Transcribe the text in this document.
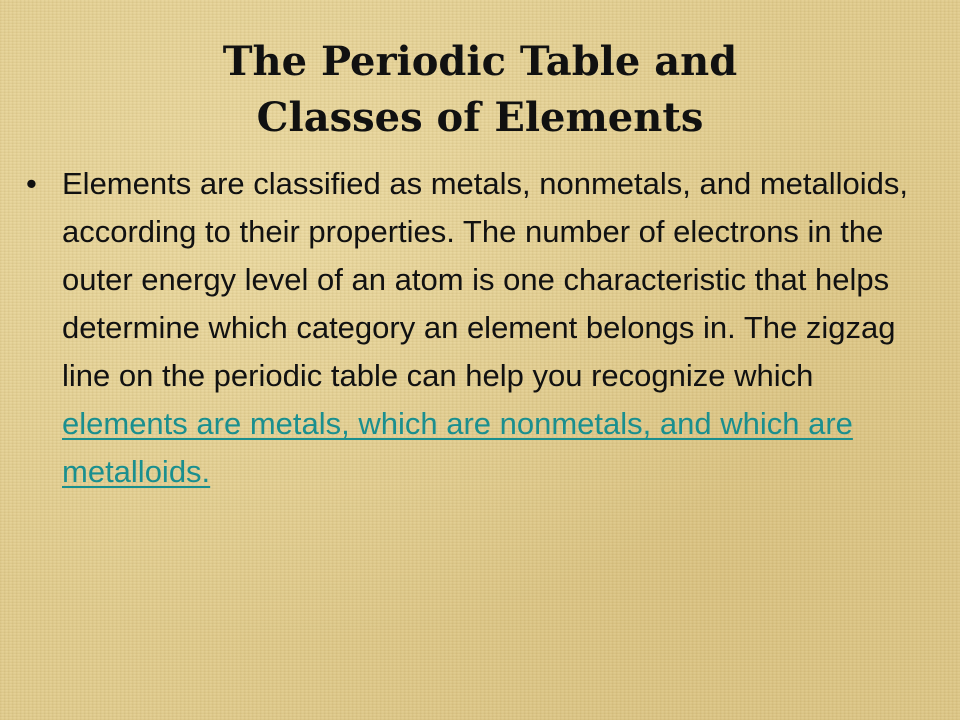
The Periodic Table and
Classes of Elements
• Elements are classified as metals, nonmetals, and metalloids, according to their properties. The number of electrons in the outer energy level of an atom is one characteristic that helps determine which category an element belongs in. The zigzag line on the periodic table can help you recognize which elements are metals, which are nonmetals, and which are metalloids.
